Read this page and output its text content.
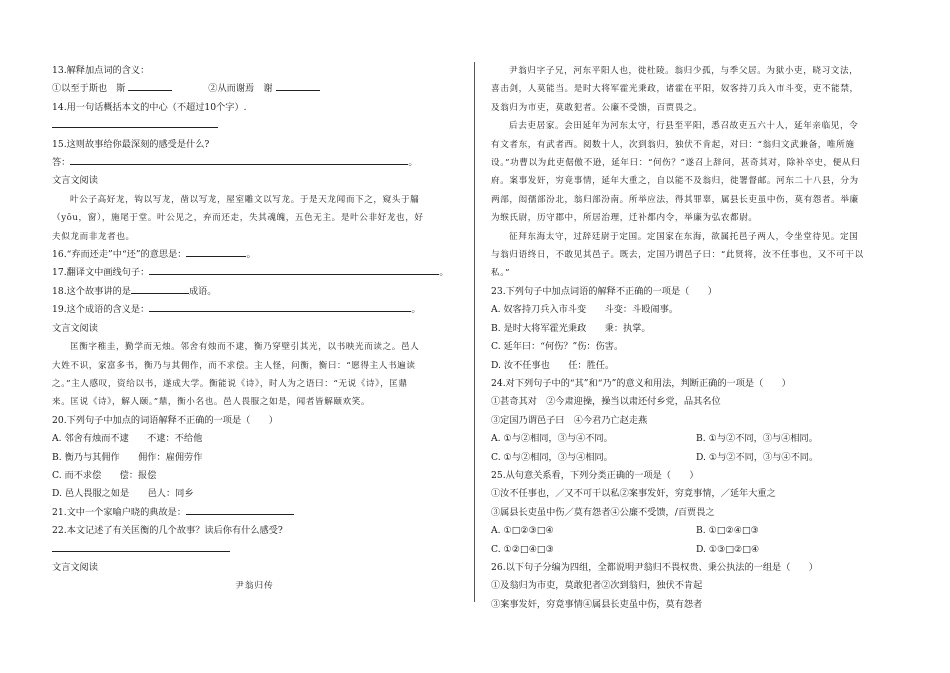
13.解释加点词的含义：
①以至于斯也　斯	②从而谢焉　谢
14.用一句话概括本文的中心（不超过10个字）.
15.这则故事给你最深刻的感受是什么?
答：	。
文言文阅读
叶公子高好龙，钩以写龙，凿以写龙，屋室雕文以写龙。于是天龙闻而下之，窥头于牖
（yōu，窗），施尾于堂。叶公见之，弃而还走，失其魂魄，五色无主。是叶公非好龙也，好
夫似龙而非龙者也。
16.“弃而还走”中“还”的意思是：	。
17.翻译文中画线句子：	。
18.这个故事讲的是	成语。
19.这个成语的含义是：	。
文言文阅读
匡衡字稚圭，勤学而无烛。邻舍有烛而不逮，衡乃穿壁引其光，以书映光而读之。邑人
大姓不识，家富多书，衡乃与其佣作，而不求偿。主人怪，问衡，衡曰：“愿得主人书遍读
之。”主人感叹，资给以书，遂成大学。衡能说《诗》，时人为之语曰：“无说《诗》，匡鼎
来。匡说《诗》，解人颐。”鼎，衡小名也。邑人畏服之如是，闻者皆解颐欢笑。
20.下列句子中加点的词语解释不正确的一项是（　　）
A. 邻舍有烛而不逮　　不逮：不给他
B. 衡乃与其佣作　　佣作：雇佣劳作
C. 而不求偿　　偿：报偿
D. 邑人畏服之如是　　邑人：同乡
21.文中一个家喻户晓的典故是：
22.本文记述了有关匡衡的几个故事？读后你有什么感受?
文言文阅读
尹翁归传
尹翁归字子兄，河东平阳人也，徙杜陵。翁归少孤，与季父居。为狱小吏，晓习文法，
喜击剑，人莫能当。是时大将军霍光秉政，诸霍在平阳，奴客持刀兵入市斗变，吏不能禁，
及翁归为市吏，莫敢犯者。公廉不受馈，百贾畏之。
后去吏居家。会田延年为河东太守，行县至平阳，悉召故吏五六十人，延年亲临见，令
有文者东，有武者西。阅数十人，次到翁归，独伏不肯起，对曰：“翁归文武兼备，唯所施
设。”功曹以为此吏倨傲不逊，延年曰：“何伤？”遂召上辞问，甚奇其对，除补卒史，便从归
府。案事发奸，穷竟事情，延年大重之，自以能不及翁归，徙署督邮。河东二十八县，分为
两部，闳孺部汾北，翁归部汾南。所举应法，得其罪辜，属县长吏虽中伤，莫有怨者。举廉
为缑氏尉，历守郡中，所居治理，迁补都内令，举廉为弘农都尉。
征拜东海太守，过辞廷尉于定国。定国家在东海，欲属托邑子两人，令坐堂待见。定国
与翁归语终日，不敢见其邑子。既去，定国乃谓邑子曰：“此贤将，汝不任事也，又不可干以
私。”
23.下列句子中加点词语的解释不正确的一项是（　　）
A. 奴客持刀兵入市斗变　　斗变：斗殴闹事。
B. 是时大将军霍光秉政　　秉：执掌。
C. 延年曰：“何伤？”伤：伤害。
D. 汝不任事也　　任：胜任。
24.对下列句子中的“其”和“乃”的意义和用法，判断正确的一项是（　　）
①甚奇其对　②今肃迎操，操当以肃还付乡党，品其名位
③定国乃谓邑子曰　④今君乃亡赵走燕
A. ①与②相同，③与④不同。	B. ①与②不同，③与④相同。
C. ①与②相同，③与④相同。	D. ①与②不同，③与④不同。
25.从句意关系看，下列分类正确的一项是（　　）
①汝不任事也，／又不可干以私②案事发奸，穷竟事情，／延年大重之
③属县长吏虽中伤／莫有怨者④公廉不受馈，/百贾畏之
A. ①□②③□④	B. ①□②④□③
C. ①②□④□③	D. ①③□②□④
26.以下句子分编为四组，全都说明尹翁归不畏权贵、秉公执法的一组是（　　）
①及翁归为市吏，莫敢犯者②次到翁归，独伏不肯起
③案事发奸，穷竟事情④属县长吏虽中伤，莫有怨者
